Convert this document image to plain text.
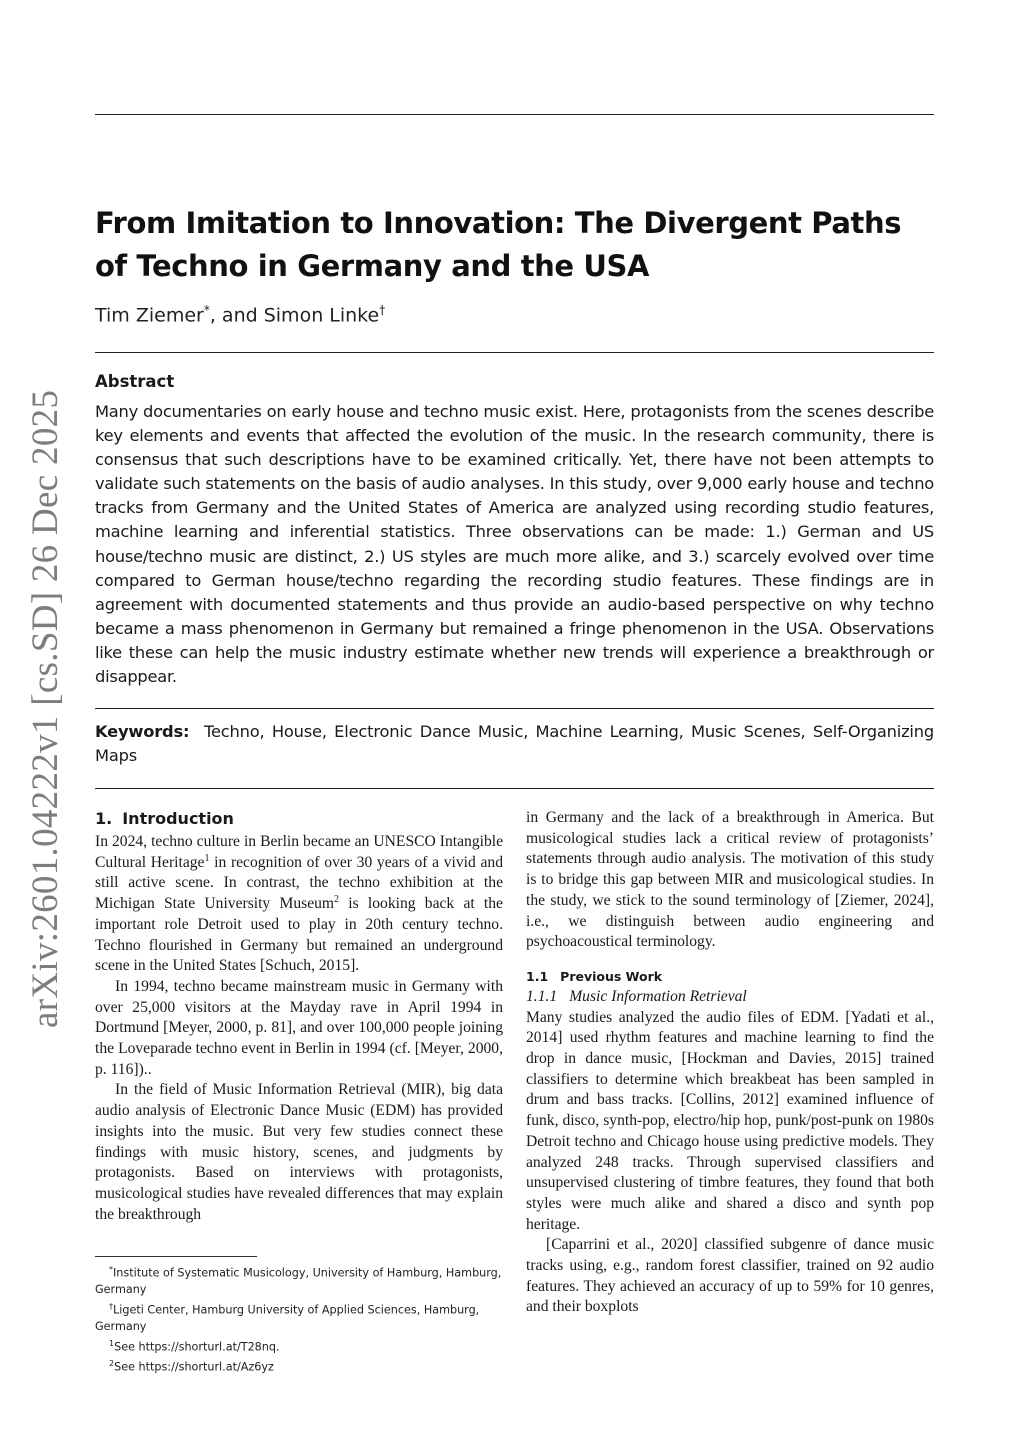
arXiv:2601.04222v1 [cs.SD] 26 Dec 2025
From Imitation to Innovation: The Divergent Paths of Techno in Germany and the USA
Tim Ziemer*, and Simon Linke†
Abstract

Many documentaries on early house and techno music exist. Here, protagonists from the scenes describe key elements and events that affected the evolution of the music. In the research community, there is consensus that such descriptions have to be examined critically. Yet, there have not been attempts to validate such statements on the basis of audio analyses. In this study, over 9,000 early house and techno tracks from Germany and the United States of America are analyzed using recording studio features, machine learning and inferential statistics. Three observations can be made: 1.) German and US house/techno music are distinct, 2.) US styles are much more alike, and 3.) scarcely evolved over time compared to German house/techno regarding the recording studio features. These findings are in agreement with documented statements and thus provide an audio-based perspective on why techno became a mass phenomenon in Germany but remained a fringe phenomenon in the USA. Observations like these can help the music industry estimate whether new trends will experience a breakthrough or disappear.

Keywords: Techno, House, Electronic Dance Music, Machine Learning, Music Scenes, Self-Organizing Maps

1. Introduction

In 2024, techno culture in Berlin became an UNESCO Intangible Cultural Heritage$^1$ in recognition of over 30 years of a vivid and still active scene. In contrast, the techno exhibition at the Michigan State University Museum$^2$ is looking back at the important role Detroit used to play in 20th century techno. Techno flourished in Germany but remained an underground scene in the United States [Schuch, 2015].

In 1994, techno became mainstream music in Germany with over 25,000 visitors at the Mayday rave in April 1994 in Dortmund [Meyer, 2000, p. 81], and over 100,000 people joining the Loveparade techno event in Berlin in 1994 (cf. [Meyer, 2000, p. 116])..

In the field of Music Information Retrieval (MIR), big data audio analysis of Electronic Dance Music (EDM) has provided insights into the music. But very few studies connect these findings with music history, scenes, and judgments by protagonists. Based on interviews with protagonists, musicological studies have revealed differences that may explain the breakthrough

in Germany and the lack of a breakthrough in America. But musicological studies lack a critical review of protagonists’ statements through audio analysis. The motivation of this study is to bridge this gap between MIR and musicological studies. In the study, we stick to the sound terminology of [Ziemer, 2024], i.e., we distinguish between audio engineering and psychoacoustical terminology.

1.1 Previous Work

1.1.1 Music Information Retrieval

Many studies analyzed the audio files of EDM. [Yadati et al., 2014] used rhythm features and machine learning to find the drop in dance music, [Hockman and Davies, 2015] trained classifiers to determine which breakbeat has been sampled in drum and bass tracks. [Collins, 2012] examined influence of funk, disco, synth-pop, electro/hip hop, punk/post-punk on 1980s Detroit techno and Chicago house using predictive models. They analyzed 248 tracks. Through supervised classifiers and unsupervised clustering of timbre features, they found that both styles were much alike and shared a disco and synth pop heritage.

[Caparrini et al., 2020] classified subgenre of dance music tracks using, e.g., random forest classifier, trained on 92 audio features. They achieved an accuracy of up to 59% for 10 genres, and their boxplots

*Institute of Systematic Musicology, University of Hamburg, Hamburg, Germany

†Ligeti Center, Hamburg University of Applied Sciences, Hamburg, Germany

$^1$See https://shorturl.at/T28nq.

$^2$See https://shorturl.at/Az6yz
